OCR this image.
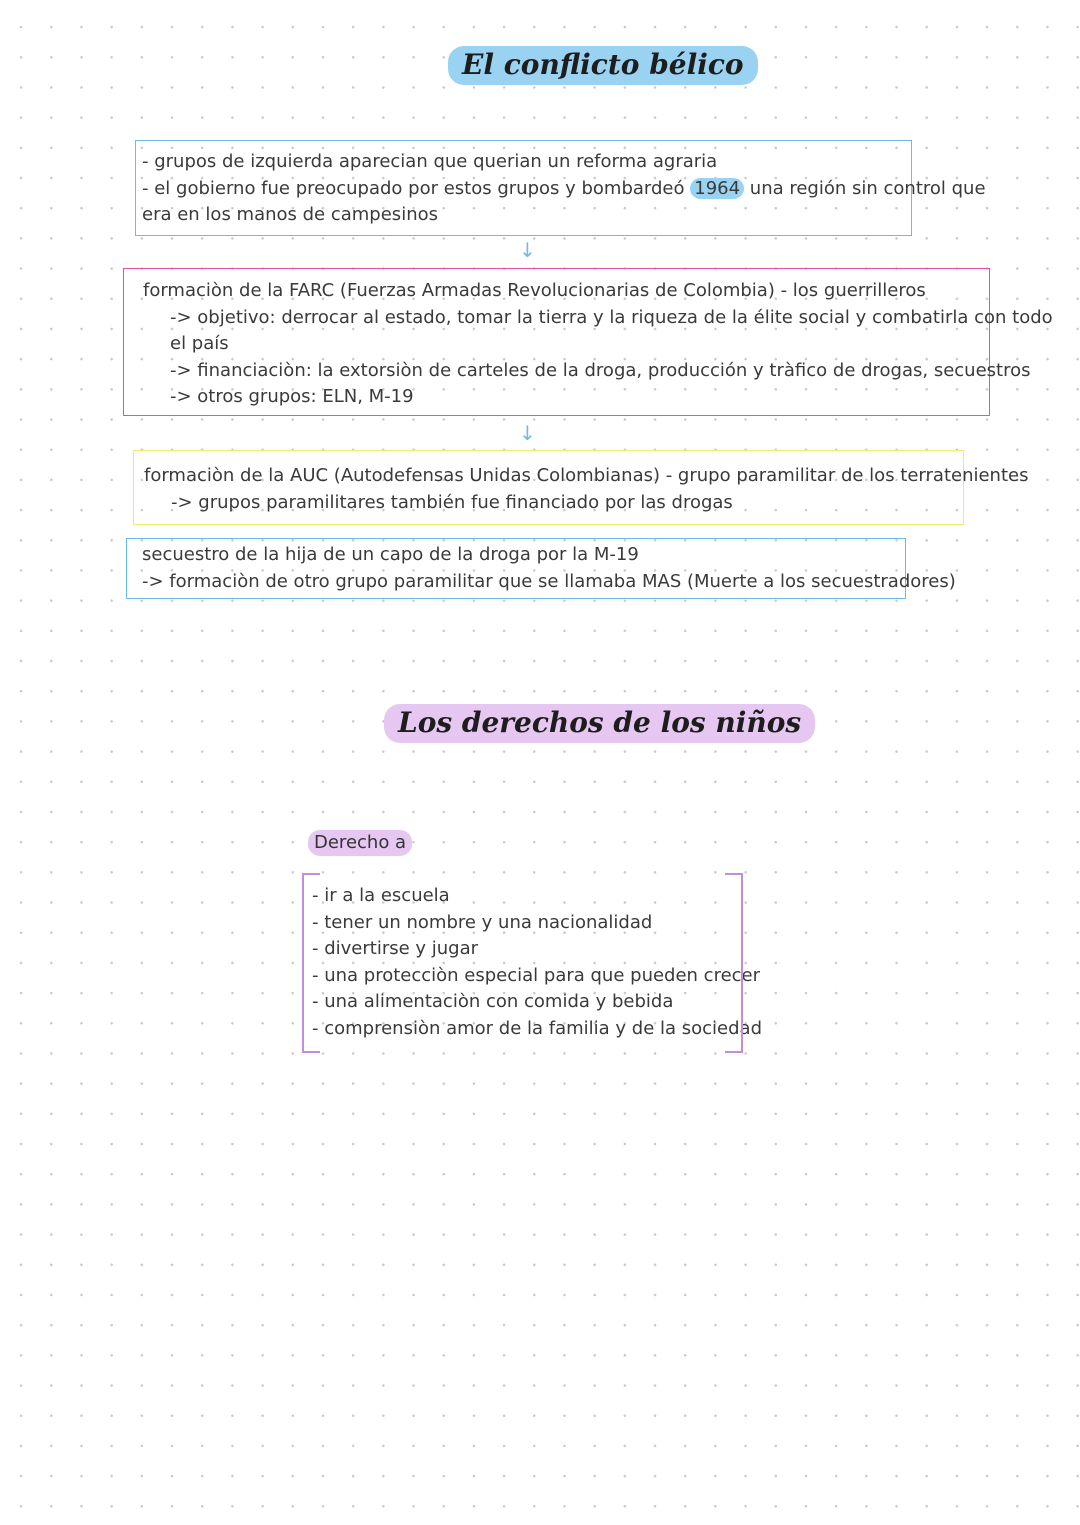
El conflicto bélico

- grupos de izquierda aparecian que querian un reforma agraria

- el gobierno fue preocupado por estos grupos y bombardeó 1964 una región sin control que

era en los manos de campesinos

↓

formaciòn de la FARC (Fuerzas Armadas Revolucionarias de Colombia) - los guerrilleros

-> objetivo: derrocar al estado, tomar la tierra y la riqueza de la élite social y combatirla con todo

el país

-> financiaciòn: la extorsiòn de carteles de la droga, producción y tràfico de drogas, secuestros

-> otros grupos: ELN, M-19

↓

formaciòn de la AUC (Autodefensas Unidas Colombianas) - grupo paramilitar de los terratenientes

-> grupos paramilitares también fue financiado por las drogas

secuestro de la hija de un capo de la droga por la M-19

-> formaciòn de otro grupo paramilitar que se llamaba MAS (Muerte a los secuestradores)

Los derechos de los niños
Derecho a

- ir a la escuela

- tener un nombre y una nacionalidad

- divertirse y jugar

- una protecciòn especial para que pueden crecer

- una alimentaciòn con comida y bebida

- comprensiòn amor de la familia y de la sociedad
